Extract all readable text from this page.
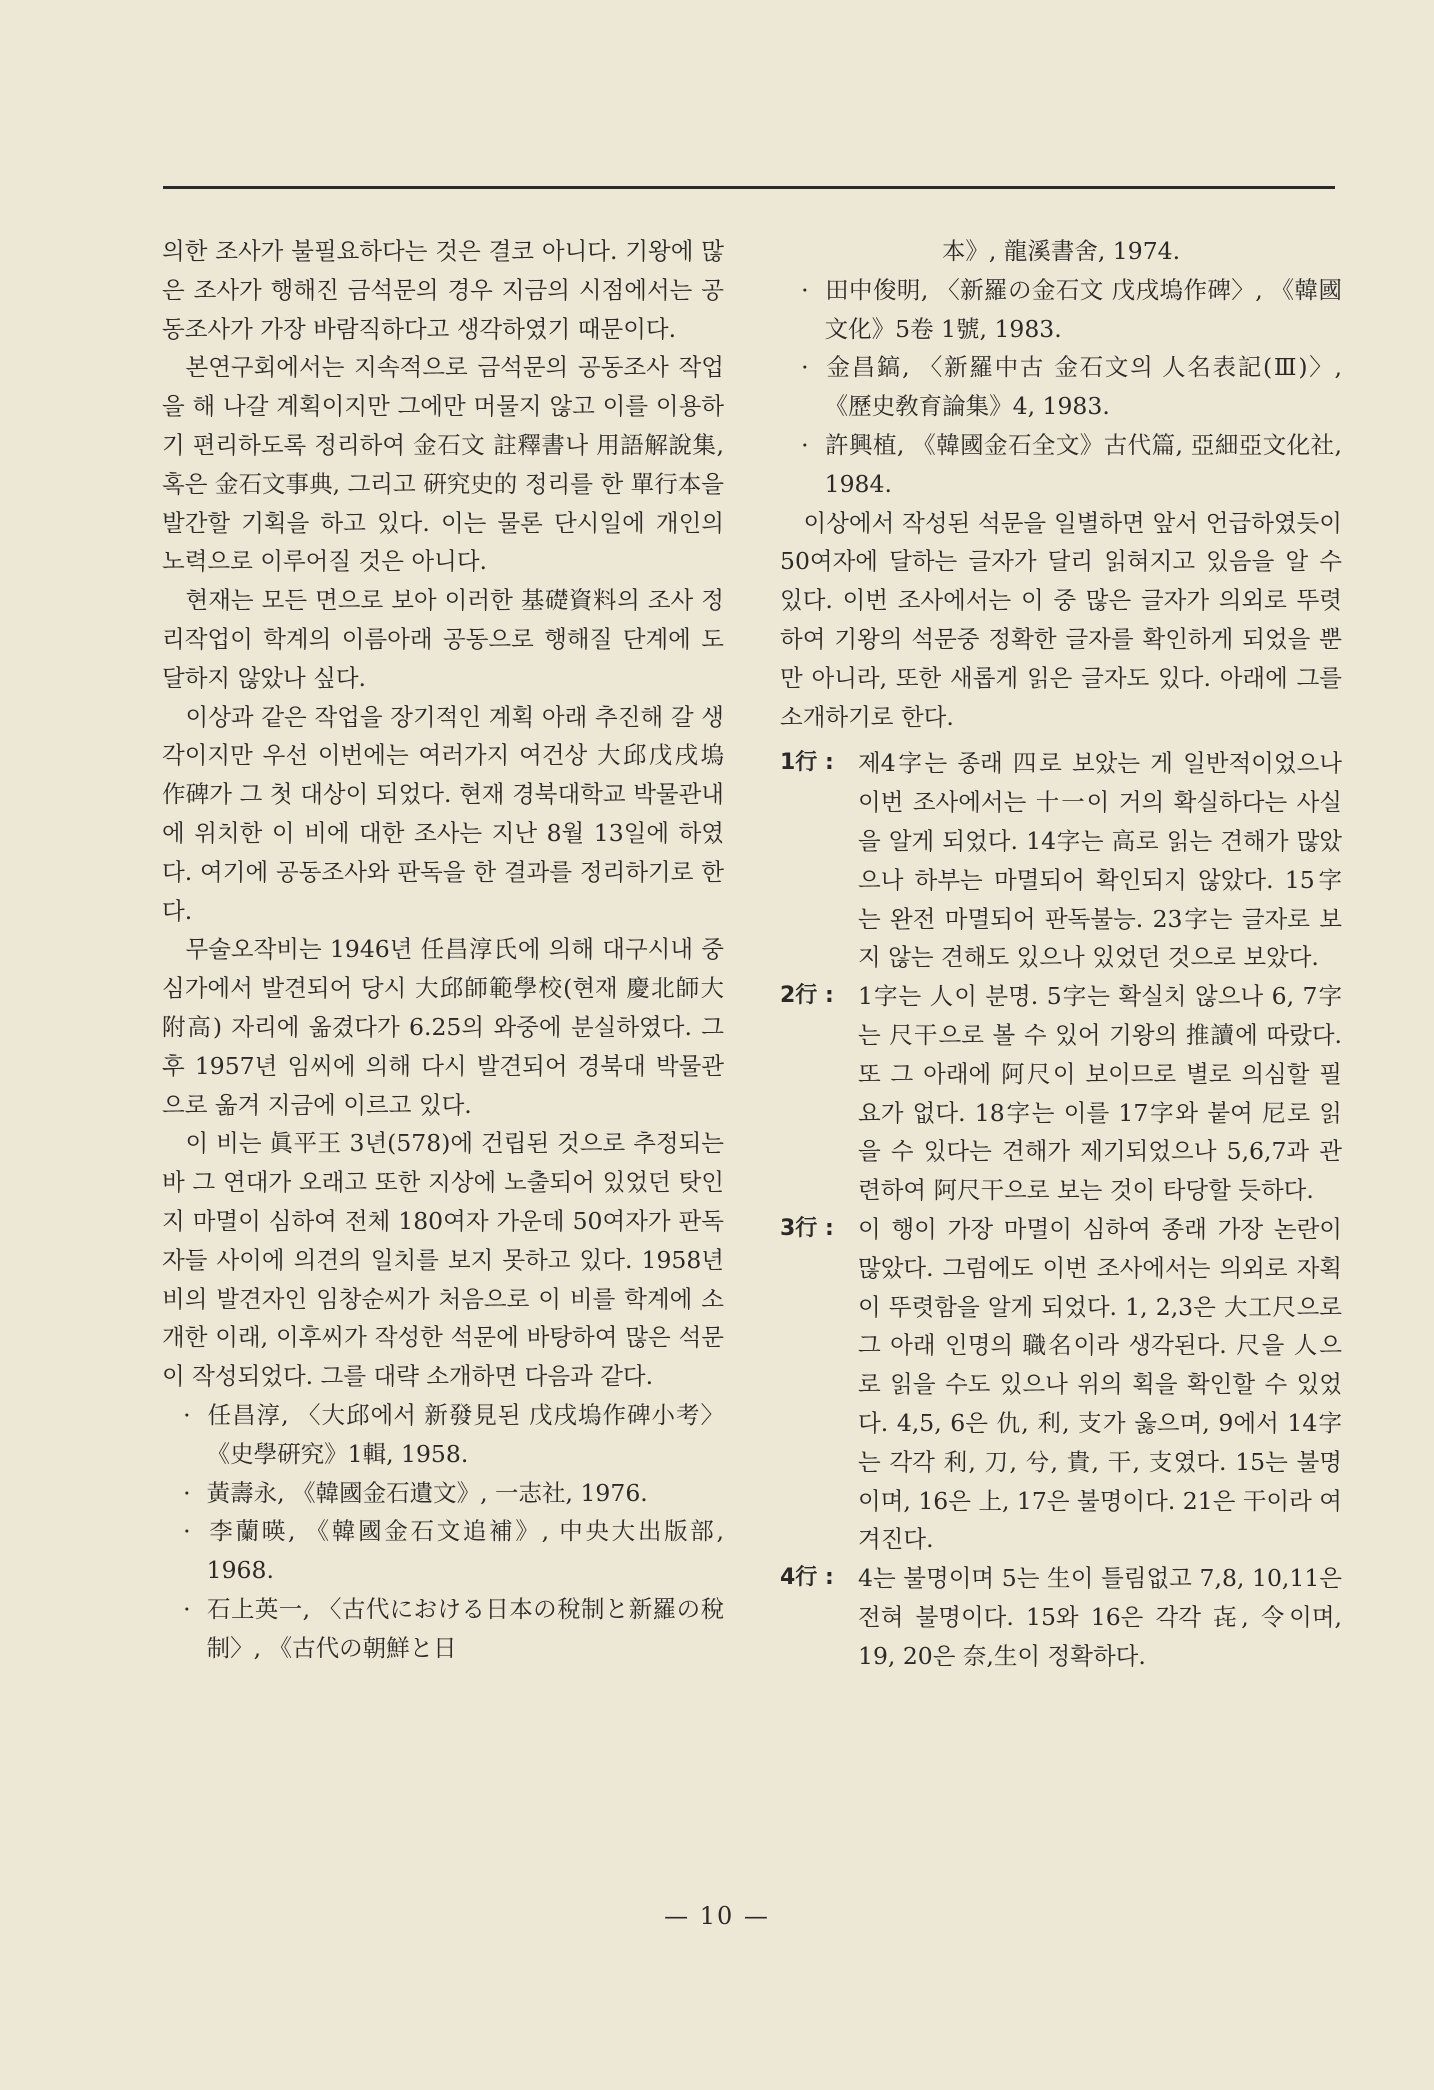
의한 조사가 불필요하다는 것은 결코 아니다. 기왕에 많은 조사가 행해진 금석문의 경우 지금의 시점에서는 공동조사가 가장 바람직하다고 생각하였기 때문이다.

본연구회에서는 지속적으로 금석문의 공동조사 작업을 해 나갈 계획이지만 그에만 머물지 않고 이를 이용하기 편리하도록 정리하여 金石文 註釋書나 用語解說集, 혹은 金石文事典, 그리고 硏究史的 정리를 한 單行本을 발간할 기획을 하고 있다. 이는 물론 단시일에 개인의 노력으로 이루어질 것은 아니다.

현재는 모든 면으로 보아 이러한 基礎資料의 조사 정리작업이 학계의 이름아래 공동으로 행해질 단계에 도달하지 않았나 싶다.

이상과 같은 작업을 장기적인 계획 아래 추진해 갈 생각이지만 우선 이번에는 여러가지 여건상 大邱戊戌塢作碑가 그 첫 대상이 되었다. 현재 경북대학교 박물관내에 위치한 이 비에 대한 조사는 지난 8월 13일에 하였다. 여기에 공동조사와 판독을 한 결과를 정리하기로 한다.

무술오작비는 1946년 任昌淳氏에 의해 대구시내 중심가에서 발견되어 당시 大邱師範學校(현재 慶北師大附高) 자리에 옮겼다가 6.25의 와중에 분실하였다. 그 후 1957년 임씨에 의해 다시 발견되어 경북대 박물관으로 옮겨 지금에 이르고 있다.

이 비는 眞平王 3년(578)에 건립된 것으로 추정되는 바 그 연대가 오래고 또한 지상에 노출되어 있었던 탓인 지 마멸이 심하여 전체 180여자 가운데 50여자가 판독자들 사이에 의견의 일치를 보지 못하고 있다. 1958년 비의 발견자인 임창순씨가 처음으로 이 비를 학계에 소개한 이래, 이후씨가 작성한 석문에 바탕하여 많은 석문이 작성되었다. 그를 대략 소개하면 다음과 같다.

· 任昌淳, 〈大邱에서 新發見된 戊戌塢作碑小考〉《史學硏究》1輯, 1958.

· 黃壽永, 《韓國金石遺文》, 一志社, 1976.

· 李蘭暎, 《韓國金石文追補》, 中央大出版部, 1968.

· 石上英一, 〈古代における日本の稅制と新羅の稅制〉, 《古代の朝鮮と日

本》, 龍溪書舍, 1974.

· 田中俊明, 〈新羅の金石文 戊戌塢作碑〉, 《韓國文化》5卷 1號, 1983.

· 金昌鎬, 〈新羅中古 金石文의 人名表記(Ⅲ)〉, 《歷史敎育論集》4, 1983.

· 許興植, 《韓國金石全文》古代篇, 亞細亞文化社, 1984.

이상에서 작성된 석문을 일별하면 앞서 언급하였듯이 50여자에 달하는 글자가 달리 읽혀지고 있음을 알 수 있다. 이번 조사에서는 이 중 많은 글자가 의외로 뚜렷하여 기왕의 석문중 정확한 글자를 확인하게 되었을 뿐만 아니라, 또한 새롭게 읽은 글자도 있다. 아래에 그를 소개하기로 한다.

1行 :	제4字는 종래 四로 보았는 게 일반적이었으나 이번 조사에서는 十一이 거의 확실하다는 사실을 알게 되었다. 14字는 高로 읽는 견해가 많았으나 하부는 마멸되어 확인되지 않았다. 15字는 완전 마멸되어 판독불능. 23字는 글자로 보지 않는 견해도 있으나 있었던 것으로 보았다.
2行 :	1字는 人이 분명. 5字는 확실치 않으나 6, 7字는 尺干으로 볼 수 있어 기왕의 推讀에 따랐다. 또 그 아래에 阿尺이 보이므로 별로 의심할 필요가 없다. 18字는 이를 17字와 붙여 尼로 읽을 수 있다는 견해가 제기되었으나 5,6,7과 관련하여 阿尺干으로 보는 것이 타당할 듯하다.
3行 :	이 행이 가장 마멸이 심하여 종래 가장 논란이 많았다. 그럼에도 이번 조사에서는 의외로 자획이 뚜렷함을 알게 되었다. 1, 2,3은 大工尺으로 그 아래 인명의 職名이라 생각된다. 尺을 人으로 읽을 수도 있으나 위의 획을 확인할 수 있었다. 4,5, 6은 仇, 利, 支가 옳으며, 9에서 14字는 각각 利, 刀, 兮, 貴, 干, 支였다. 15는 불명이며, 16은 上, 17은 불명이다. 21은 干이라 여겨진다.
4行 :	4는 불명이며 5는 生이 틀림없고 7,8, 10,11은 전혀 불명이다. 15와 16은 각각 㐂, 令이며, 19, 20은 奈,生이 정확하다.
— 10 —
